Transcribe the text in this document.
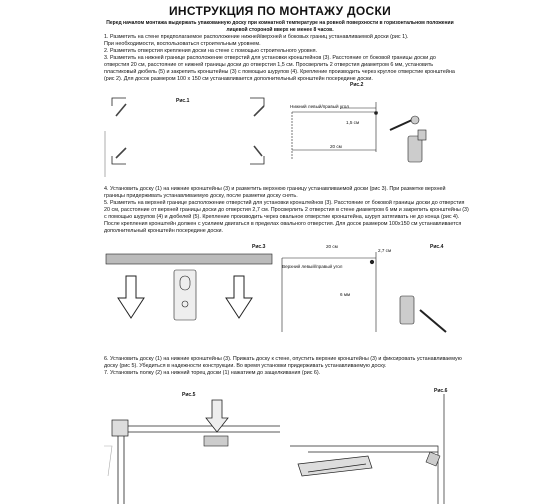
ИНСТРУКЦИЯ ПО МОНТАЖУ ДОСКИ
Перед началом монтажа выдержать упакованную доску при комнатной температуре на ровной поверхности в горизонтальном положении
лицевой стороной вверх не менее 8 часов.
1. Разметить на стене предполагаемое расположение нижней/верхней и боковых границ устанавливаемой доски (рис 1).
При необходимости, воспользоваться строительным уровнем.
2. Разметить отверстия крепления доски на стене с помощью строительного уровня.
3. Разметить на нижней границе расположение отверстий для установки кронштейнов (3). Расстояние от боковой границы доски до
отверстия 20 см, расстояние от нижней границы доски до отверстия 1,5 см. Просверлить 2 отверстия диаметром 6 мм, установить
пластиковый дюбель (5) и закрепить кронштейны (3) с помощью шурупов (4). Крепление производить через круглое отверстие кронштейна
(рис 2). Для досок размером 100 x 150 см устанавливается дополнительный кронштейн посередине доски.
Рис.1
Рис.2
Нижний левый/правый угол
1,5 см
20 см
4. Установить доску (1) на нижние кронштейны (3) и разметить верхнюю границу устанавливаемой доски (рис 3). При разметке верхней
границы придерживать устанавливаемую доску, после разметки доску снять.
5. Разметить на верхней границе расположение отверстий для установки кронштейнов (3). Расстояние от боковой границы доски до отверстия
20 см, расстояние от верхней границы доски до отверстия 2,7 см. Просверлить 2 отверстия в стене диаметром 6 мм и закрепить кронштейны (3)
с помощью шурупов (4) и дюбелей (5). Крепление производить через овальное отверстие кронштейна, шуруп затягивать не до конца (рис 4).
После крепления кронштейн должен с усилием двигаться в пределах овального отверстия. Для досок размером 100x150 см устанавливается
дополнительный кронштейн посередине доски.
Рис.3	Рис.4
20 см
2,7 см
Верхний левый/правый угол
6 мм
6. Установить доску (1) на нижние кронштейны (3). Прижать доску к стене, опустить верхние кронштейны (3) и фиксировать устанавливаемую
доску (рис 5). Убедиться в надежности конструкции. Во время установки придерживать устанавливаемую доску.
7. Установить полку (2) на нижний торец доски (1) нажатием до защелкивания (рис 6).
Рис.5
Рис.6
